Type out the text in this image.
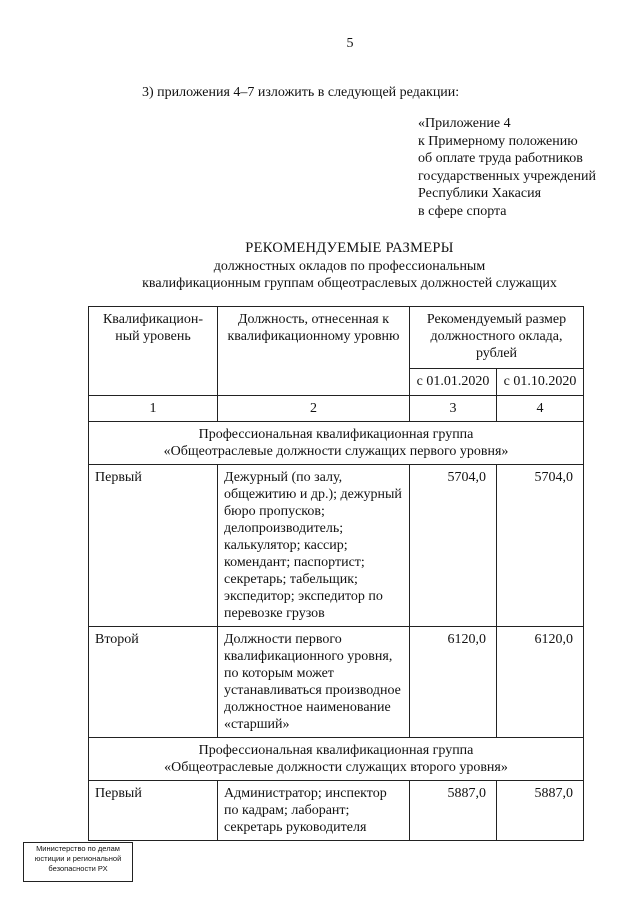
5
3) приложения 4–7 изложить в следующей редакции:
«Приложение 4
к Примерному положению
об оплате труда работников
государственных учреждений
Республики Хакасия
в сфере спорта
РЕКОМЕНДУЕМЫЕ РАЗМЕРЫ
должностных окладов по профессиональным
квалификационным группам общеотраслевых должностей служащих
Квалификацион-ный уровень	Должность, отнесенная к квалификационному уровню	Рекомендуемый размер должностного оклада, рублей	
		с 01.01.2020	с 01.10.2020
1	2	3	4

Профессиональная квалификационная группа
«Общеотраслевые должности служащих первого уровня»			

Первый	Дежурный (по залу, общежитию и др.); дежурный бюро пропусков; делопроизводитель; калькулятор; кассир; комендант; паспортист; секретарь; табельщик; экспедитор; экспедитор по перевозке грузов	5704,0	5704,0
Второй	Должности первого квалификационного уровня, по которым может устанавливаться производное должностное наименование «старший»	6120,0	6120,0

Профессиональная квалификационная группа
«Общеотраслевые должности служащих второго уровня»			

Первый	Администратор; инспектор по кадрам; лаборант; секретарь руководителя	5887,0	5887,0
Министерство по делам
юстиции и региональной
безопасности РХ
